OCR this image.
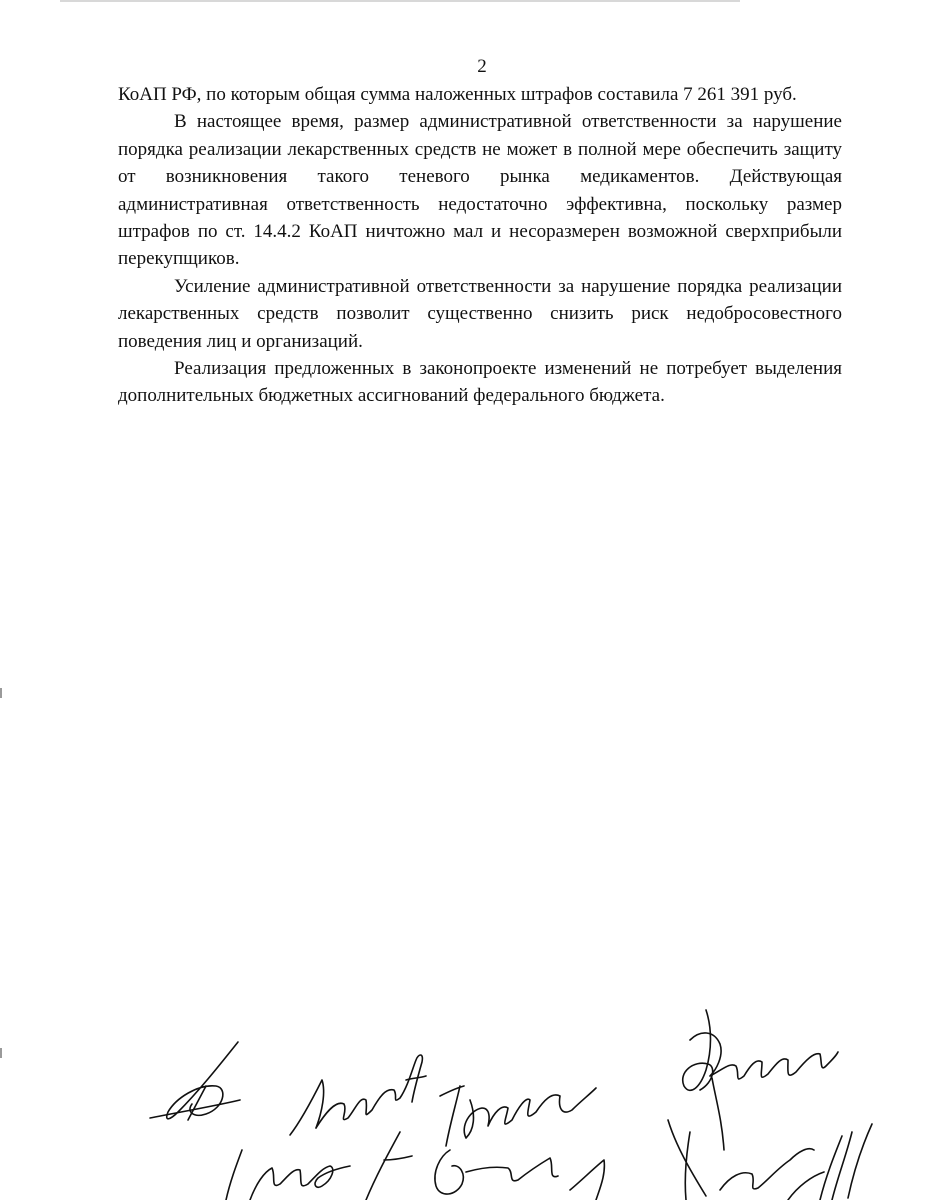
2

КоАП РФ, по которым общая сумма наложенных штрафов составила 7 261 391 руб.

В настоящее время, размер административной ответственности за нарушение порядка реализации лекарственных средств не может в полной мере обеспечить защиту от возникновения такого теневого рынка медикаментов. Действующая административная ответственность недостаточно эффективна, поскольку размер штрафов по ст. 14.4.2 КоАП ничтожно мал и несоразмерен возможной сверхприбыли перекупщиков.

Усиление административной ответственности за нарушение порядка реализации лекарственных средств позволит существенно снизить риск недобросовестного поведения лиц и организаций.

Реализация предложенных в законопроекте изменений не потребует выделения дополнительных бюджетных ассигнований федерального бюджета.
